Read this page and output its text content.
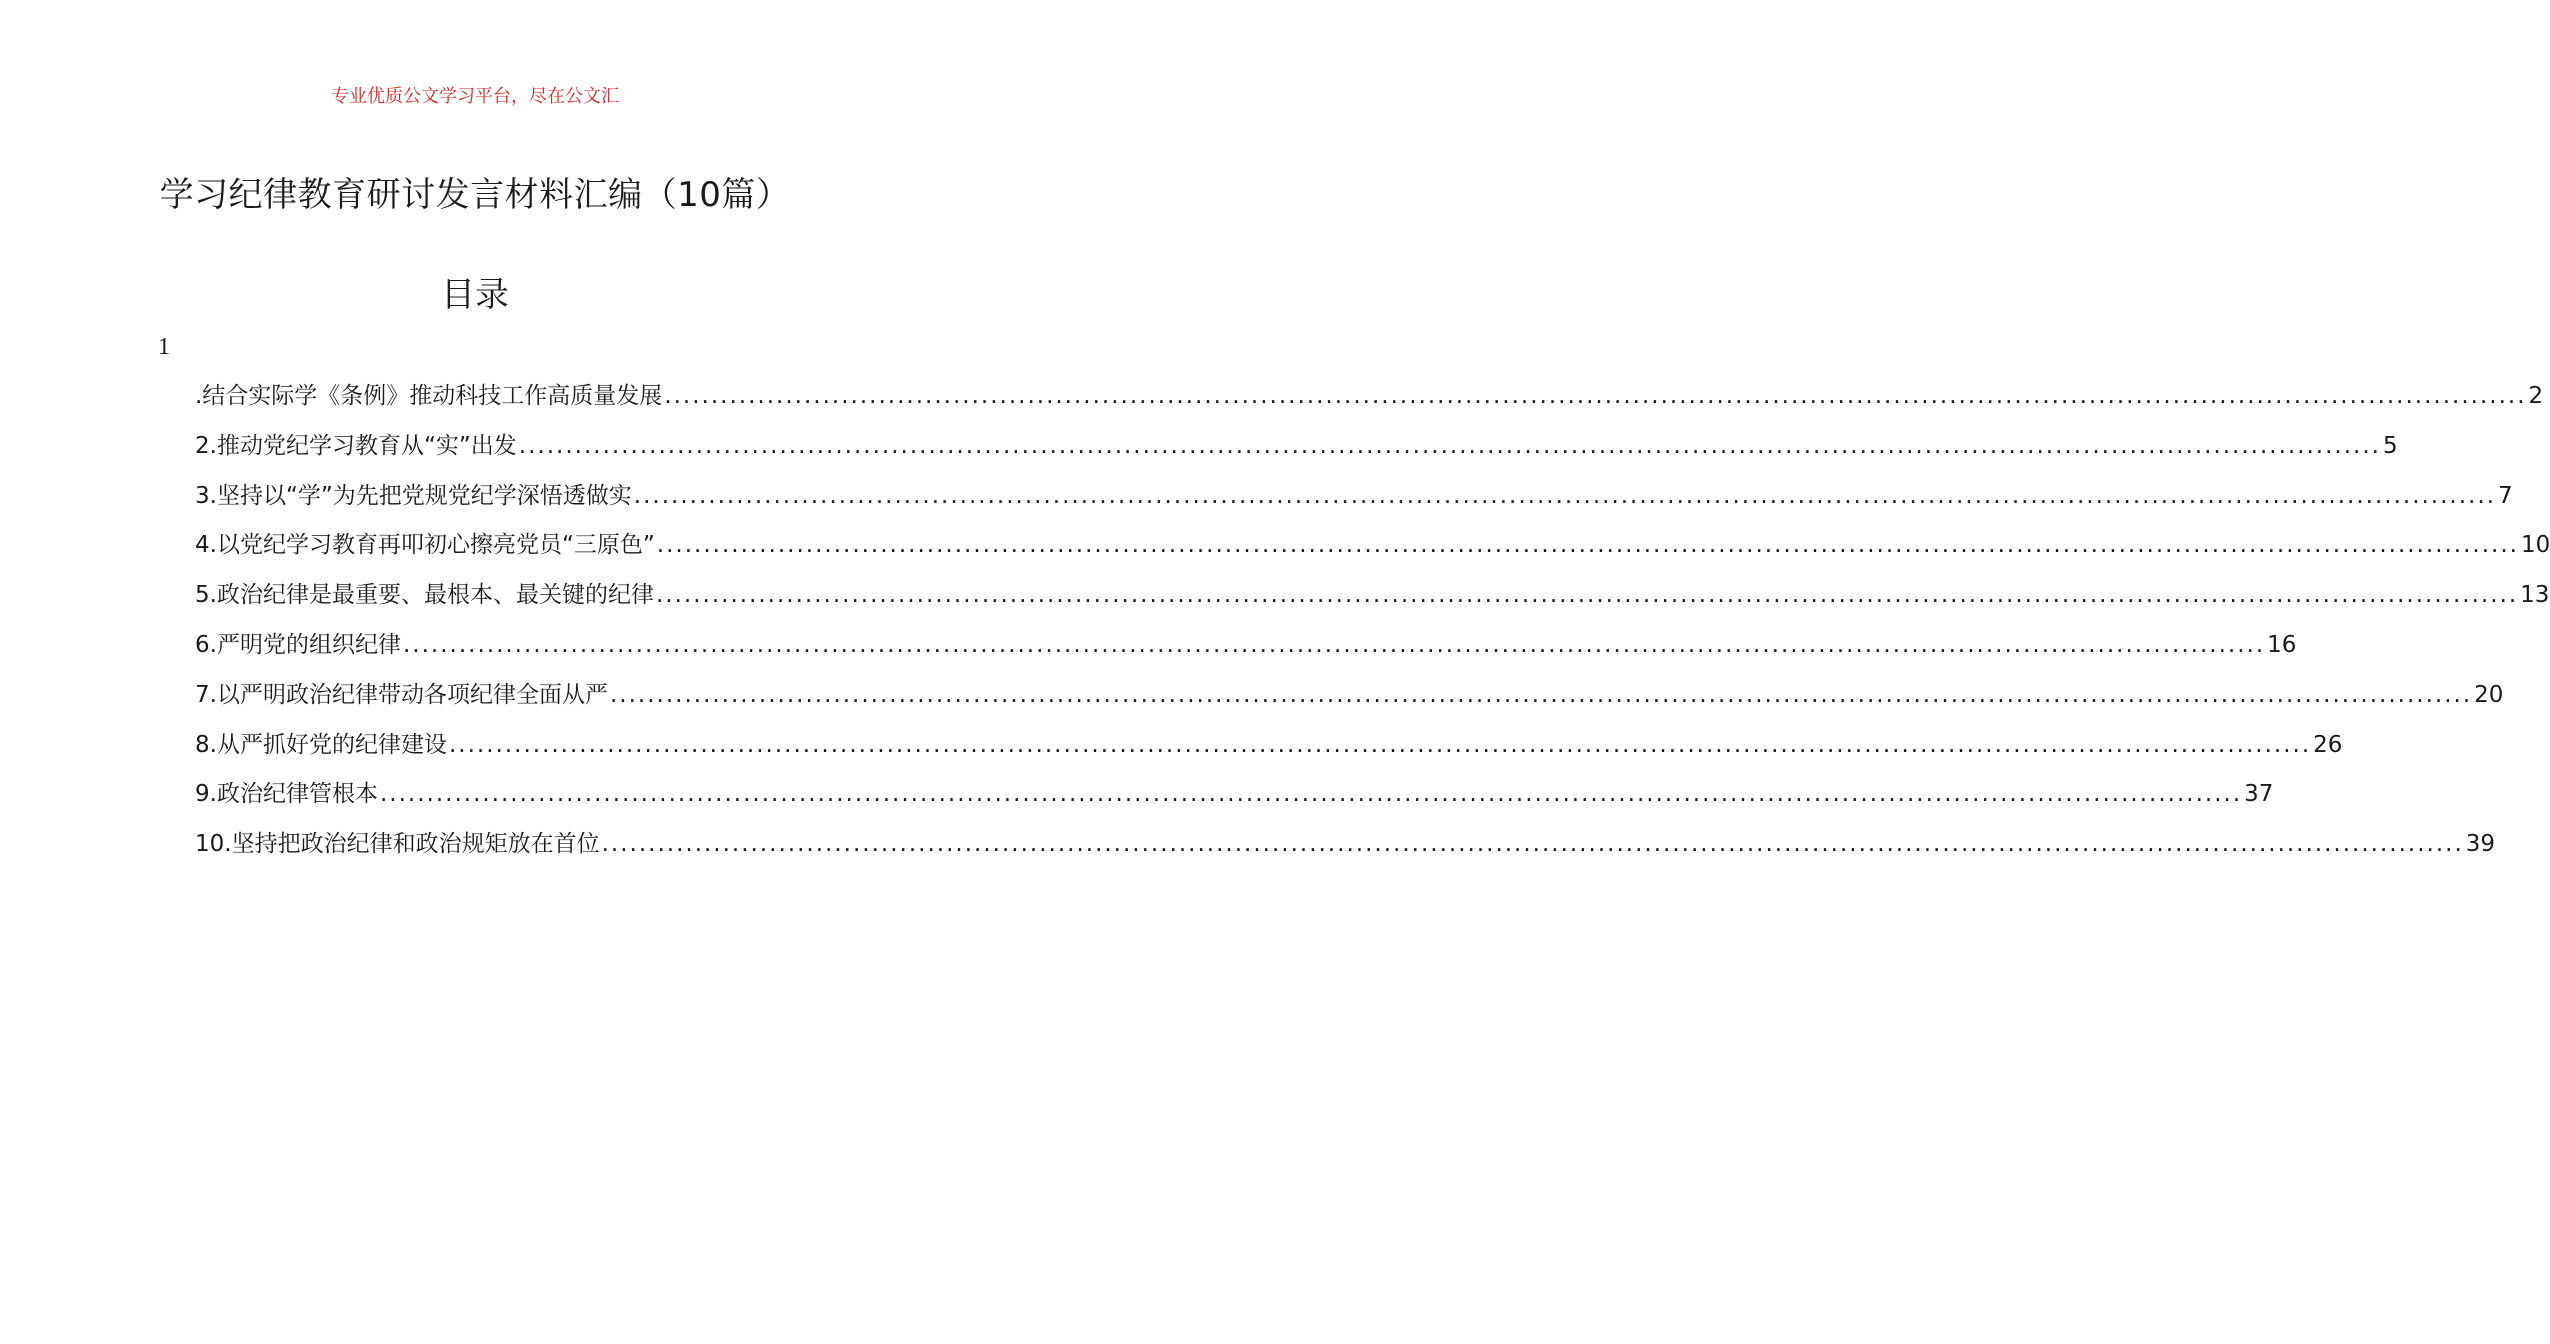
专业优质公文学习平台，尽在公文汇
学习纪律教育研讨发言材料汇编（10篇）
目录
1
.结合实际学《条例》推动科技工作高质量发展 ........................................................................................................................................................................................................ 2
2.推动党纪学习教育从“实”出发 ........................................................................................................................................................................................................ 5
3.坚持以“学”为先把党规党纪学深悟透做实 ........................................................................................................................................................................................................ 7
4.以党纪学习教育再叩初心擦亮党员“三原色” ........................................................................................................................................................................................................ 10
5.政治纪律是最重要、最根本、最关键的纪律 ........................................................................................................................................................................................................ 13
6.严明党的组织纪律 ........................................................................................................................................................................................................ 16
7.以严明政治纪律带动各项纪律全面从严 ........................................................................................................................................................................................................ 20
8.从严抓好党的纪律建设 ........................................................................................................................................................................................................ 26
9.政治纪律管根本 ........................................................................................................................................................................................................ 37
10.坚持把政治纪律和政治规矩放在首位 ........................................................................................................................................................................................................ 39
